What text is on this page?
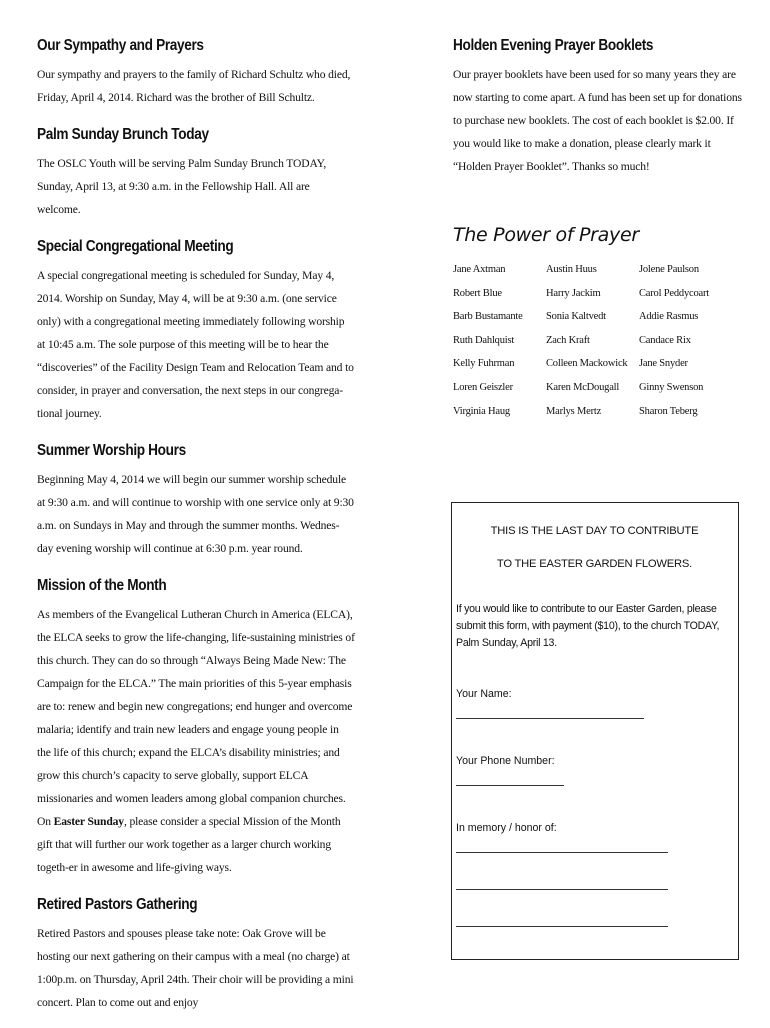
Our Sympathy and Prayers

Our sympathy and prayers to the family of Richard Schultz who died, Friday, April 4, 2014. Richard was the brother of Bill Schultz.

Palm Sunday Brunch Today

The OSLC Youth will be serving Palm Sunday Brunch TODAY, Sunday, April 13, at 9:30 a.m. in the Fellowship Hall. All are welcome.

Special Congregational Meeting

A special congregational meeting is scheduled for Sunday, May 4, 2014. Worship on Sunday, May 4, will be at 9:30 a.m. (one service only) with a congregational meeting immediately following worship at 10:45 a.m. The sole purpose of this meeting will be to hear the “discoveries” of the Facility Design Team and Relocation Team and to consider, in prayer and conversation, the next steps in our congrega-tional journey.

Summer Worship Hours

Beginning May 4, 2014 we will begin our summer worship schedule at 9:30 a.m. and will continue to worship with one service only at 9:30 a.m. on Sundays in May and through the summer months. Wednes-day evening worship will continue at 6:30 p.m. year round.

Mission of the Month

As members of the Evangelical Lutheran Church in America (ELCA), the ELCA seeks to grow the life-changing, life-sustaining ministries of this church. They can do so through “Always Being Made New: The Campaign for the ELCA.” The main priorities of this 5-year emphasis are to: renew and begin new congregations; end hunger and overcome malaria; identify and train new leaders and engage young people in the life of this church; expand the ELCA’s disability ministries; and grow this church’s capacity to serve globally, support ELCA missionaries and women leaders among global companion churches. On Easter Sunday, please consider a special Mission of the Month gift that will further our work together as a larger church working togeth-er in awesome and life-giving ways.

Retired Pastors Gathering

Retired Pastors and spouses please take note: Oak Grove will be hosting our next gathering on their campus with a meal (no charge) at 1:00p.m. on Thursday, April 24th. Their choir will be providing a mini concert. Plan to come out and enjoy

Holden Evening Prayer Booklets

Our prayer booklets have been used for so many years they are now starting to come apart. A fund has been set up for donations to purchase new booklets. The cost of each booklet is $2.00. If you would like to make a donation, please clearly mark it “Holden Prayer Booklet”. Thanks so much!

The Power of Prayer
Jane Axtman	Austin Huus	Jolene Paulson
Robert Blue	Harry Jackim	Carol Peddycoart
Barb Bustamante	Sonia Kaltvedt	Addie Rasmus
Ruth Dahlquist	Zach Kraft	Candace Rix
Kelly Fuhrman	Colleen Mackowick	Jane Snyder
Loren Geiszler	Karen McDougall	Ginny Swenson
Virginia Haug	Marlys Mertz	Sharon Teberg
THIS IS THE LAST DAY TO CONTRIBUTE
TO THE EASTER GARDEN FLOWERS.
If you would like to contribute to our Easter Garden, please submit this form, with payment ($10), to the church TODAY, Palm Sunday, April 13.
Your Name:
Your Phone Number:
In memory / honor of:
